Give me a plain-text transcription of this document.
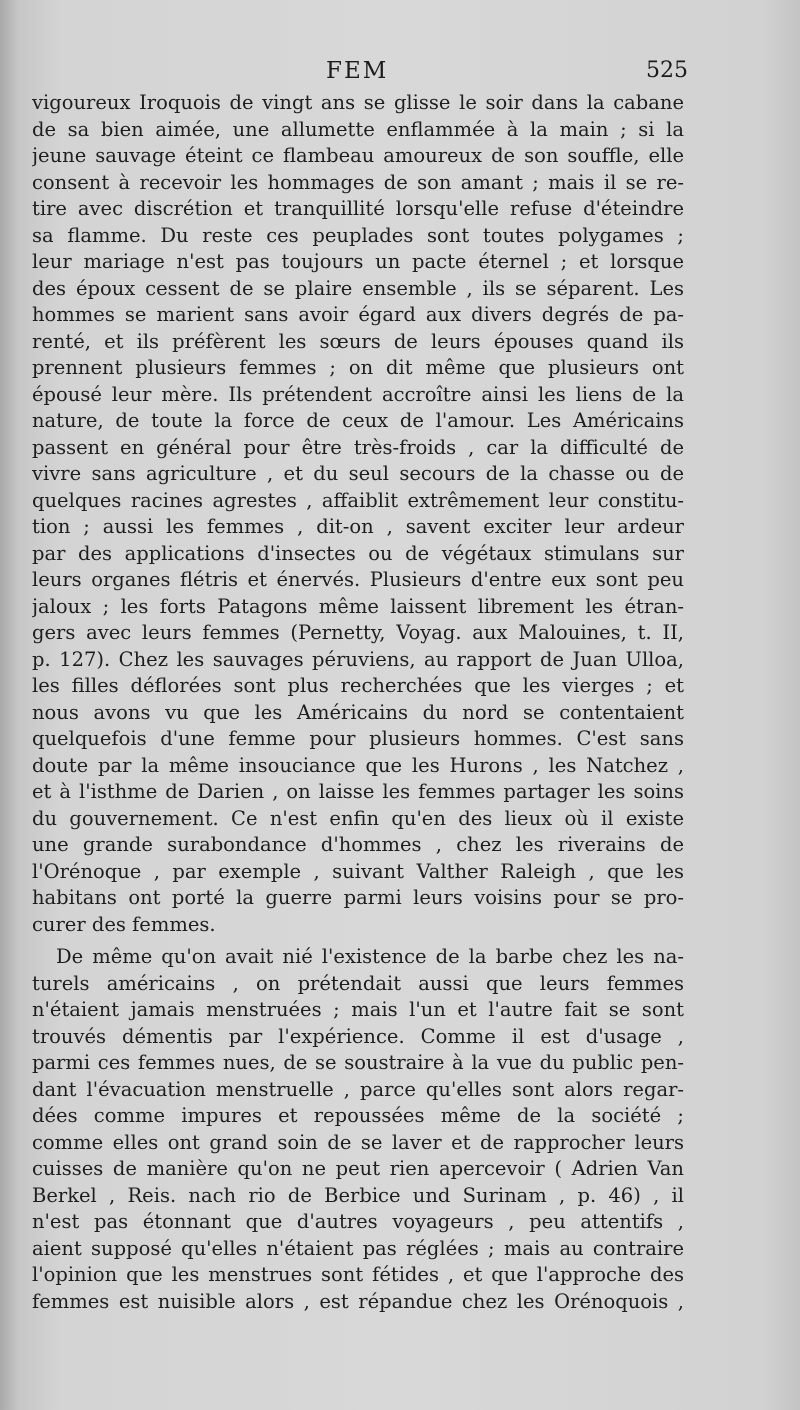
FEM	525
vigoureux Iroquois de vingt ans se glisse le soir dans la cabane
de sa bien aimée, une allumette enflammée à la main ; si la
jeune sauvage éteint ce flambeau amoureux de son souffle, elle
consent à recevoir les hommages de son amant ; mais il se re-
tire avec discrétion et tranquillité lorsqu'elle refuse d'éteindre
sa flamme. Du reste ces peuplades sont toutes polygames ;
leur mariage n'est pas toujours un pacte éternel ; et lorsque
des époux cessent de se plaire ensemble , ils se séparent. Les
hommes se marient sans avoir égard aux divers degrés de pa-
renté, et ils préfèrent les sœurs de leurs épouses quand ils
prennent plusieurs femmes ; on dit même que plusieurs ont
épousé leur mère. Ils prétendent accroître ainsi les liens de la
nature, de toute la force de ceux de l'amour. Les Américains
passent en général pour être très-froids , car la difficulté de
vivre sans agriculture , et du seul secours de la chasse ou de
quelques racines agrestes , affaiblit extrêmement leur constitu-
tion ; aussi les femmes , dit-on , savent exciter leur ardeur
par des applications d'insectes ou de végétaux stimulans sur
leurs organes flétris et énervés. Plusieurs d'entre eux sont peu
jaloux ; les forts Patagons même laissent librement les étran-
gers avec leurs femmes (Pernetty, Voyag. aux Malouines, t. II,
p. 127). Chez les sauvages péruviens, au rapport de Juan Ulloa,
les filles déflorées sont plus recherchées que les vierges ; et
nous avons vu que les Américains du nord se contentaient
quelquefois d'une femme pour plusieurs hommes. C'est sans
doute par la même insouciance que les Hurons , les Natchez ,
et à l'isthme de Darien , on laisse les femmes partager les soins
du gouvernement. Ce n'est enfin qu'en des lieux où il existe
une grande surabondance d'hommes , chez les riverains de
l'Orénoque , par exemple , suivant Valther Raleigh , que les
habitans ont porté la guerre parmi leurs voisins pour se pro-
curer des femmes.
De même qu'on avait nié l'existence de la barbe chez les na-
turels américains , on prétendait aussi que leurs femmes
n'étaient jamais menstruées ; mais l'un et l'autre fait se sont
trouvés démentis par l'expérience. Comme il est d'usage ,
parmi ces femmes nues, de se soustraire à la vue du public pen-
dant l'évacuation menstruelle , parce qu'elles sont alors regar-
dées comme impures et repoussées même de la société ;
comme elles ont grand soin de se laver et de rapprocher leurs
cuisses de manière qu'on ne peut rien apercevoir ( Adrien Van
Berkel , Reis. nach rio de Berbice und Surinam , p. 46) , il
n'est pas étonnant que d'autres voyageurs , peu attentifs ,
aient supposé qu'elles n'étaient pas réglées ; mais au contraire
l'opinion que les menstrues sont fétides , et que l'approche des
femmes est nuisible alors , est répandue chez les Orénoquois ,
